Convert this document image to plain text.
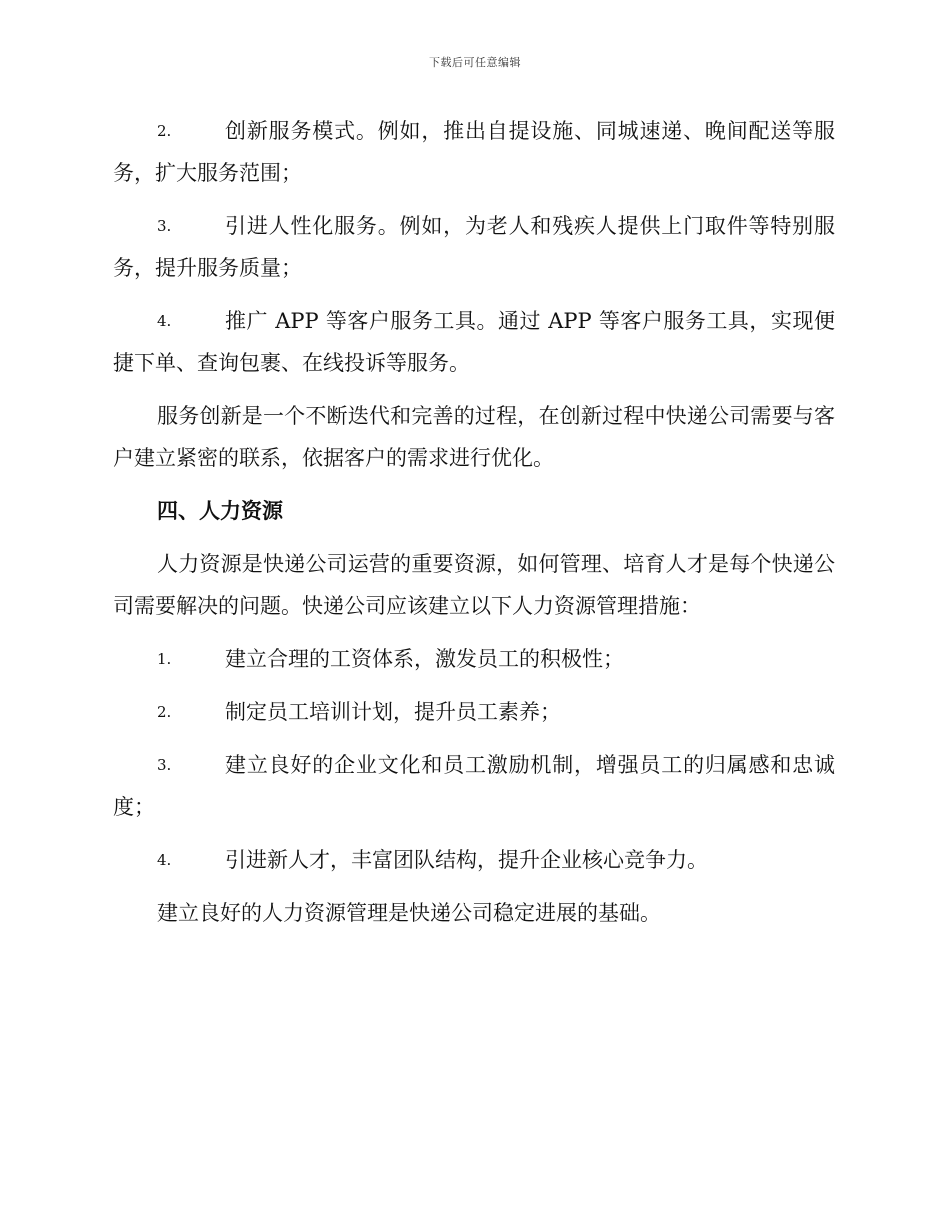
下载后可任意编辑
2.	创新服务模式。例如，推出自提设施、同城速递、晚间配送等服务，扩大服务范围；
3.	引进人性化服务。例如，为老人和残疾人提供上门取件等特别服务，提升服务质量；
4.	推广 APP 等客户服务工具。通过 APP 等客户服务工具，实现便捷下单、查询包裹、在线投诉等服务。

服务创新是一个不断迭代和完善的过程，在创新过程中快递公司需要与客户建立紧密的联系，依据客户的需求进行优化。

四、人力资源

人力资源是快递公司运营的重要资源，如何管理、培育人才是每个快递公司需要解决的问题。快递公司应该建立以下人力资源管理措施：

1.	建立合理的工资体系，激发员工的积极性；
2.	制定员工培训计划，提升员工素养；
3.	建立良好的企业文化和员工激励机制，增强员工的归属感和忠诚度；
4.	引进新人才，丰富团队结构，提升企业核心竞争力。

建立良好的人力资源管理是快递公司稳定进展的基础。
